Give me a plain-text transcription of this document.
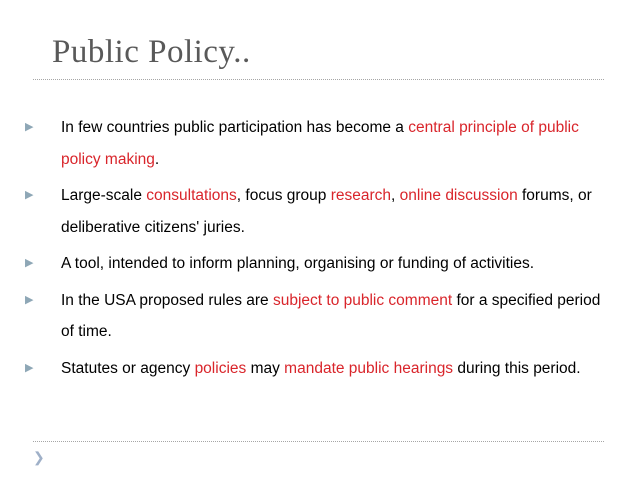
Public Policy..
▶ In few countries public participation has become a central principle of public policy making.
▶ Large-scale consultations, focus group research, online discussion forums, or deliberative citizens' juries.
▶ A tool, intended to inform planning, organising or funding of activities.
▶ In the USA proposed rules are subject to public comment for a specified period of time.
▶ Statutes or agency policies may mandate public hearings during this period.
❯
